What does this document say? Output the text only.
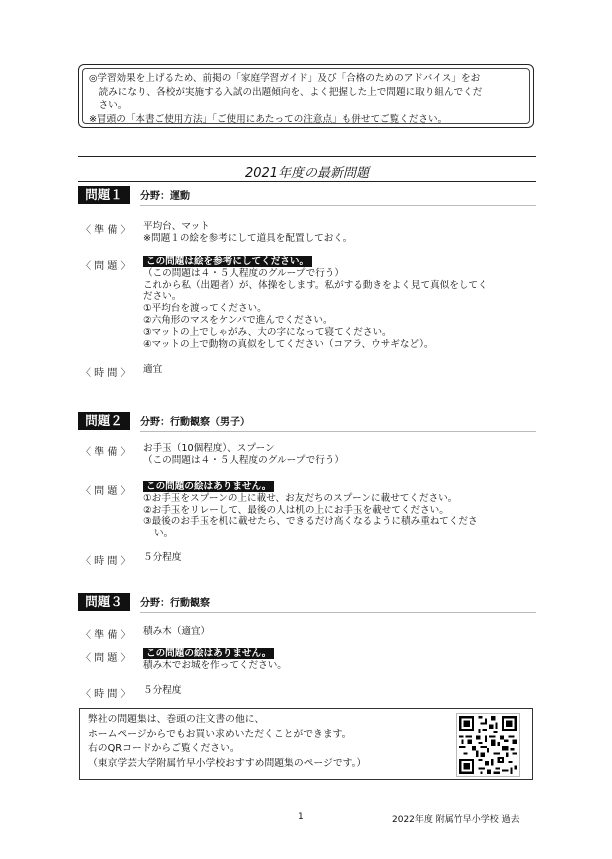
◎学習効果を上げるため、前掲の「家庭学習ガイド」及び「合格のためのアドバイス」をお
　読みになり、各校が実施する入試の出題傾向を、よく把握した上で問題に取り組んでくだ
　さい。
※冒頭の「本書ご使用方法」「ご使用にあたっての注意点」も併せてご覧ください。
2021年度の最新問題
問題１	分野：運動
〈 準 備 〉 平均台、マット
※問題１の絵を参考にして道具を配置しておく。
〈 問 題 〉	この問題は絵を参考にしてください。
（この問題は４・５人程度のグループで行う）
これから私（出題者）が、体操をします。私がする動きをよく見て真似をしてく
ださい。
①平均台を渡ってください。
②六角形のマスをケンパで進んでください。
③マットの上でしゃがみ、大の字になって寝てください。
④マットの上で動物の真似をしてください（コアラ、ウサギなど）。
〈 時 間 〉 適宜
問題２	分野：行動観察（男子）
〈 準 備 〉 お手玉（10個程度）、スプーン
（この問題は４・５人程度のグループで行う）
〈 問 題 〉	この問題の絵はありません。
①お手玉をスプーンの上に載せ、お友だちのスプーンに載せてください。
②お手玉をリレーして、最後の人は机の上にお手玉を載せてください。
③最後のお手玉を机に載せたら、できるだけ高くなるように積み重ねてくださ
い。
〈 時 間 〉 ５分程度
問題３	分野：行動観察
〈 準 備 〉 積み木（適宜）
〈 問 題 〉	この問題の絵はありません。
積み木でお城を作ってください。
〈 時 間 〉 ５分程度
弊社の問題集は、巻頭の注文書の他に、
ホームページからでもお買い求めいただくことができます。
右のQRコードからご覧ください。
（東京学芸大学附属竹早小学校おすすめ問題集のページです。）
1	2022年度 附属竹早小学校 過去
